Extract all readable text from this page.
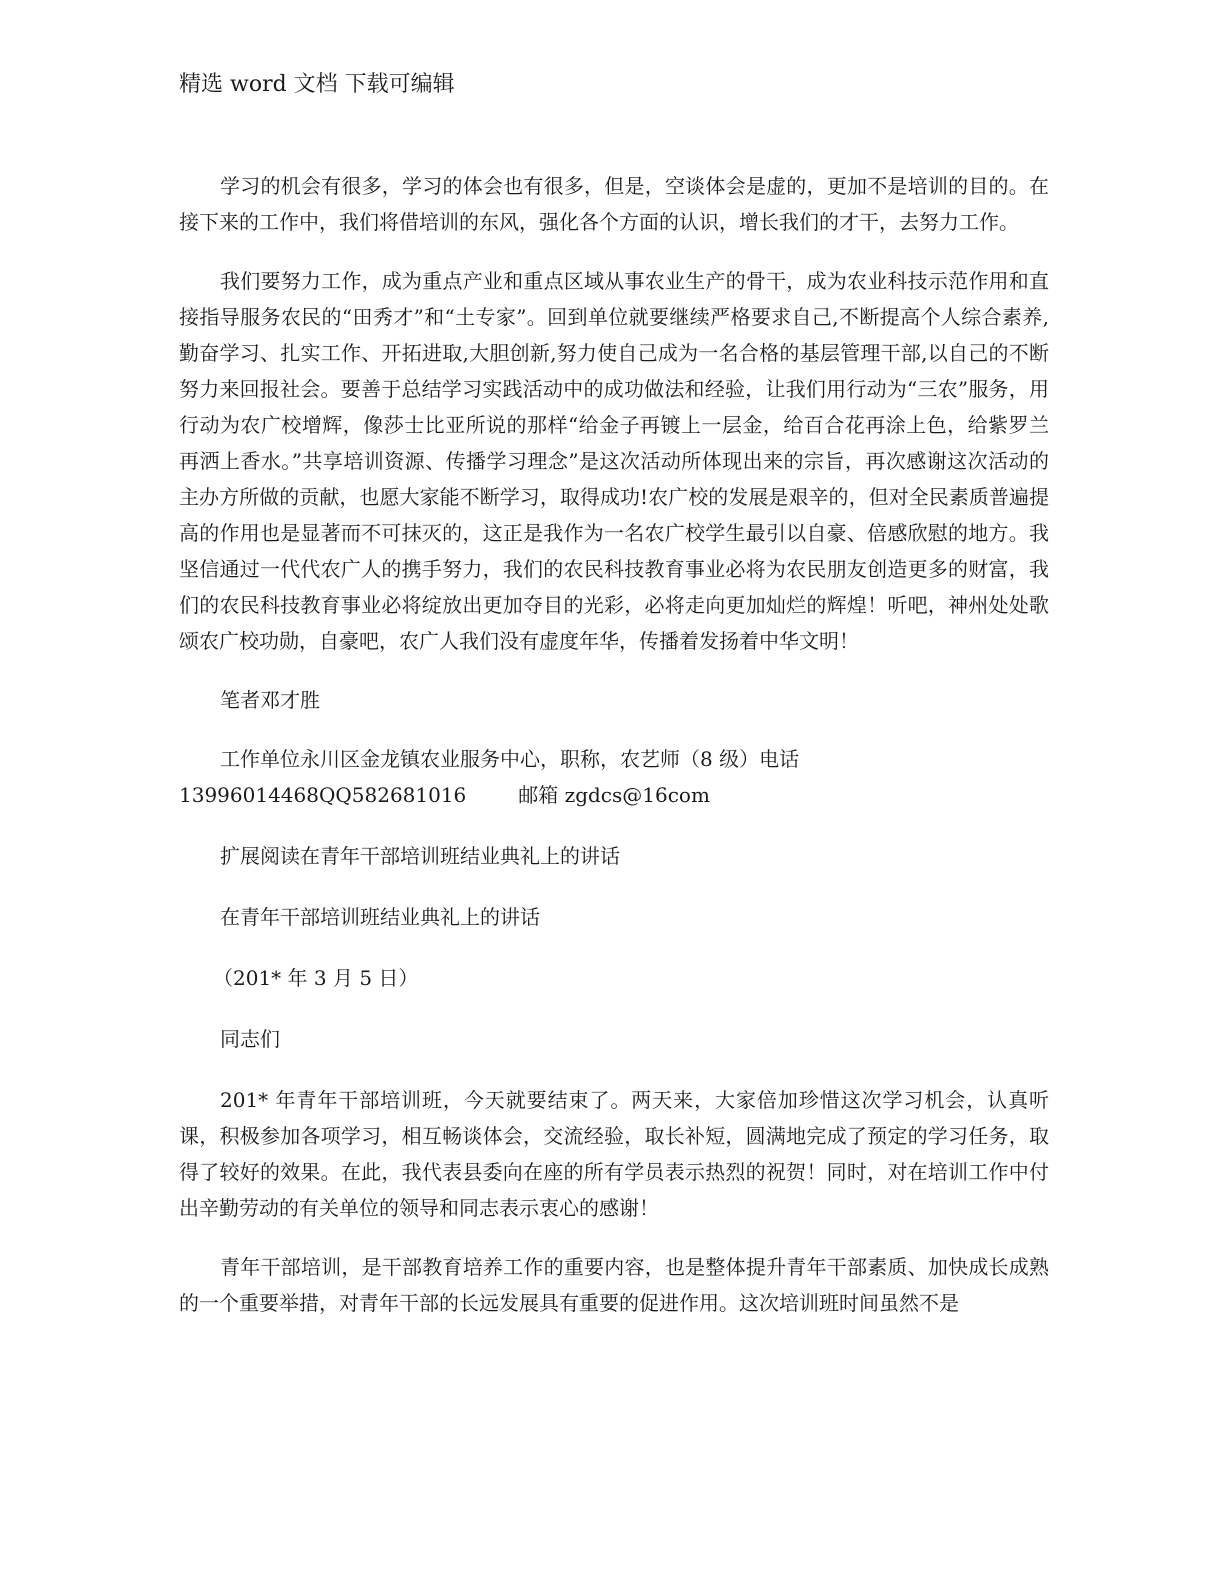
精选 word 文档 下载可编辑

学习的机会有很多，学习的体会也有很多，但是，空谈体会是虚的，更加不是培训的目的。在接下来的工作中，我们将借培训的东风，强化各个方面的认识，增长我们的才干，去努力工作。

我们要努力工作，成为重点产业和重点区域从事农业生产的骨干，成为农业科技示范作用和直接指导服务农民的“田秀才”和“土专家”。回到单位就要继续严格要求自己,不断提高个人综合素养,勤奋学习、扎实工作、开拓进取,大胆创新,努力使自己成为一名合格的基层管理干部,以自己的不断努力来回报社会。要善于总结学习实践活动中的成功做法和经验，让我们用行动为“三农”服务，用行动为农广校增辉，像莎士比亚所说的那样“给金子再镀上一层金，给百合花再涂上色，给紫罗兰再洒上香水。”共享培训资源、传播学习理念”是这次活动所体现出来的宗旨，再次感谢这次活动的主办方所做的贡献，也愿大家能不断学习，取得成功!农广校的发展是艰辛的，但对全民素质普遍提高的作用也是显著而不可抹灭的，这正是我作为一名农广校学生最引以自豪、倍感欣慰的地方。我坚信通过一代代农广人的携手努力，我们的农民科技教育事业必将为农民朋友创造更多的财富，我们的农民科技教育事业必将绽放出更加夺目的光彩，必将走向更加灿烂的辉煌！听吧，神州处处歌颂农广校功勋，自豪吧，农广人我们没有虚度年华，传播着发扬着中华文明！

笔者邓才胜

工作单位永川区金龙镇农业服务中心，职称，农艺师（8 级）电话

13996014468QQ582681016	邮箱 zgdcs@16com

扩展阅读在青年干部培训班结业典礼上的讲话

在青年干部培训班结业典礼上的讲话

（201* 年 3 月 5 日）

同志们

201* 年青年干部培训班，今天就要结束了。两天来，大家倍加珍惜这次学习机会，认真听课，积极参加各项学习，相互畅谈体会，交流经验，取长补短，圆满地完成了预定的学习任务，取得了较好的效果。在此，我代表县委向在座的所有学员表示热烈的祝贺！同时，对在培训工作中付出辛勤劳动的有关单位的领导和同志表示衷心的感谢！

青年干部培训，是干部教育培养工作的重要内容，也是整体提升青年干部素质、加快成长成熟的一个重要举措，对青年干部的长远发展具有重要的促进作用。这次培训班时间虽然不是
